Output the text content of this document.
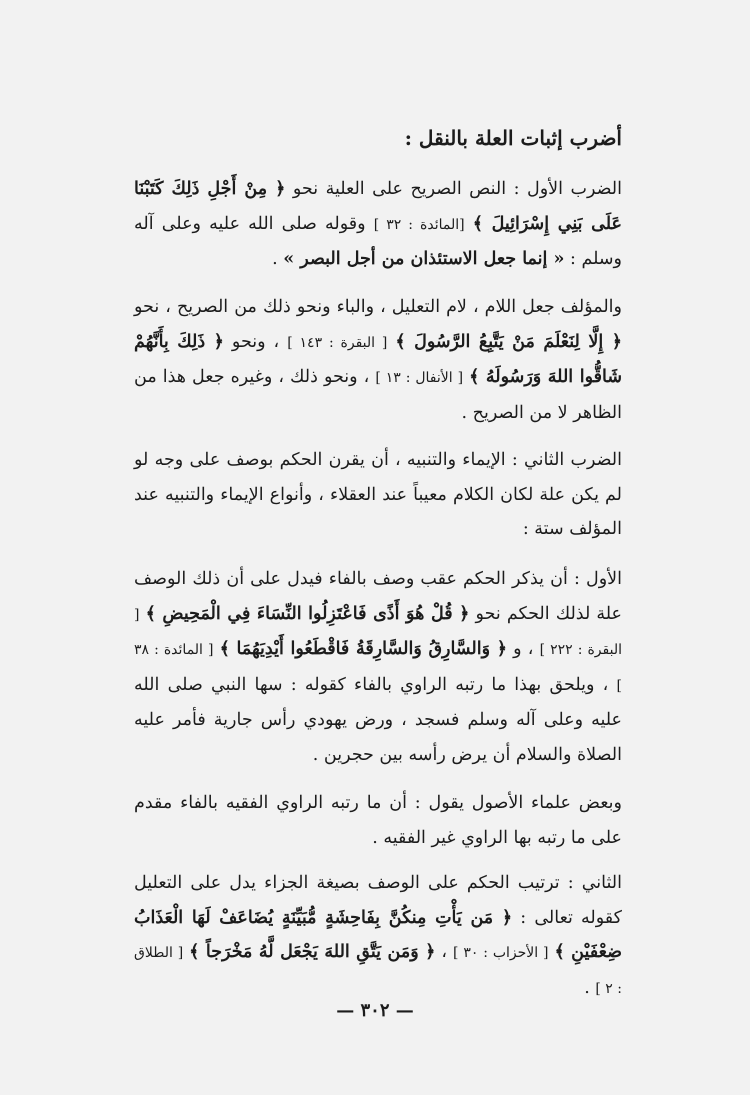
أضرب إثبات العلة بالنقل :
الضرب الأول : النص الصريح على العلية نحو ﴿ مِنْ أَجْلِ ذَلِكَ كَتَبْنَا عَلَى بَنِي إِسْرَائِيلَ ﴾ [المائدة : ٣٢ ] وقوله صلى الله عليه وعلى آله وسلم : « إنما جعل الاستئذان من أجل البصر » .
والمؤلف جعل اللام ، لام التعليل ، والباء ونحو ذلك من الصريح ، نحو ﴿ إِلَّا لِنَعْلَمَ مَنْ يَتَّبِعُ الرَّسُولَ ﴾ [ البقرة : ١٤٣ ] ، ونحو ﴿ ذَلِكَ بِأَنَّهُمْ شَاقُّوا اللهَ وَرَسُولَهُ ﴾ [ الأنفال : ١٣ ] ، ونحو ذلك ، وغيره جعل هذا من الظاهر لا من الصريح .
الضرب الثاني : الإيماء والتنبيه ، أن يقرن الحكم بوصف على وجه لو لم يكن علة لكان الكلام معيباً عند العقلاء ، وأنواع الإيماء والتنبيه عند المؤلف ستة :
الأول : أن يذكر الحكم عقب وصف بالفاء فيدل على أن ذلك الوصف علة لذلك الحكم نحو ﴿ قُلْ هُوَ أَذًى فَاعْتَزِلُوا النِّسَاءَ فِي الْمَحِيضِ ﴾ [ البقرة : ٢٢٢ ] ، و ﴿ وَالسَّارِقُ وَالسَّارِقَةُ فَاقْطَعُوا أَيْدِيَهُمَا ﴾ [ المائدة : ٣٨ ] ، ويلحق بهذا ما رتبه الراوي بالفاء كقوله : سها النبي صلى الله عليه وعلى آله وسلم فسجد ، ورض يهودي رأس جارية فأمر عليه الصلاة والسلام أن يرض رأسه بين حجرين .
وبعض علماء الأصول يقول : أن ما رتبه الراوي الفقيه بالفاء مقدم على ما رتبه بها الراوي غير الفقيه .
الثاني : ترتيب الحكم على الوصف بصيغة الجزاء يدل على التعليل كقوله تعالى : ﴿ مَن يَأْتِ مِنكُنَّ بِفَاحِشَةٍ مُّبَيِّنَةٍ يُضَاعَفْ لَهَا الْعَذَابُ ضِعْفَيْنِ ﴾ [ الأحزاب : ٣٠ ] ، ﴿ وَمَن يَتَّقِ اللهَ يَجْعَل لَّهُ مَخْرَجاً ﴾ [ الطلاق : ٢ ] .
— ٣٠٢ —
